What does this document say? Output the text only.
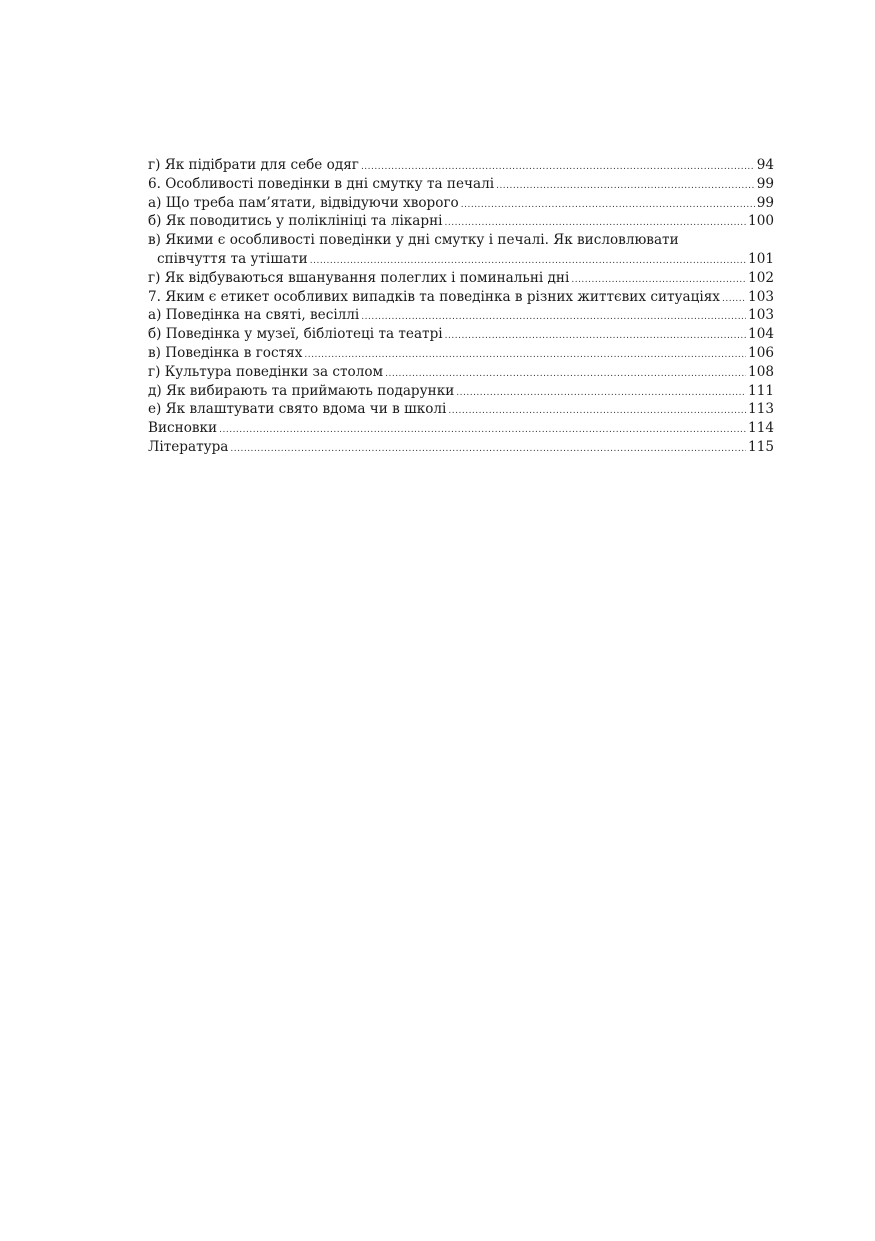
г) Як підібрати для себе одяг .....	94
6. Особливості поведінки в дні смутку та печалі .....	99
а) Що треба пам’ятати, відвідуючи хворого .....	99
б) Як поводитись у поліклініці та лікарні .....	100
в) Якими є особливості поведінки у дні смутку і печалі. Як висловлювати
співчуття та утішати .....	101
г) Як відбуваються вшанування полеглих і поминальні дні .....	102
7. Яким є етикет особливих випадків та поведінка в різних життєвих ситуаціях ..... 103
а) Поведінка на святі, весіллі .....	103
б) Поведінка у музеї, бібліотеці та театрі .....	104
в) Поведінка в гостях .....	106
г) Культура поведінки за столом .....	108
д) Як вибирають та приймають подарунки .....	111
е) Як влаштувати свято вдома чи в школі .....	113
Висновки .....	114
Література .....	115
